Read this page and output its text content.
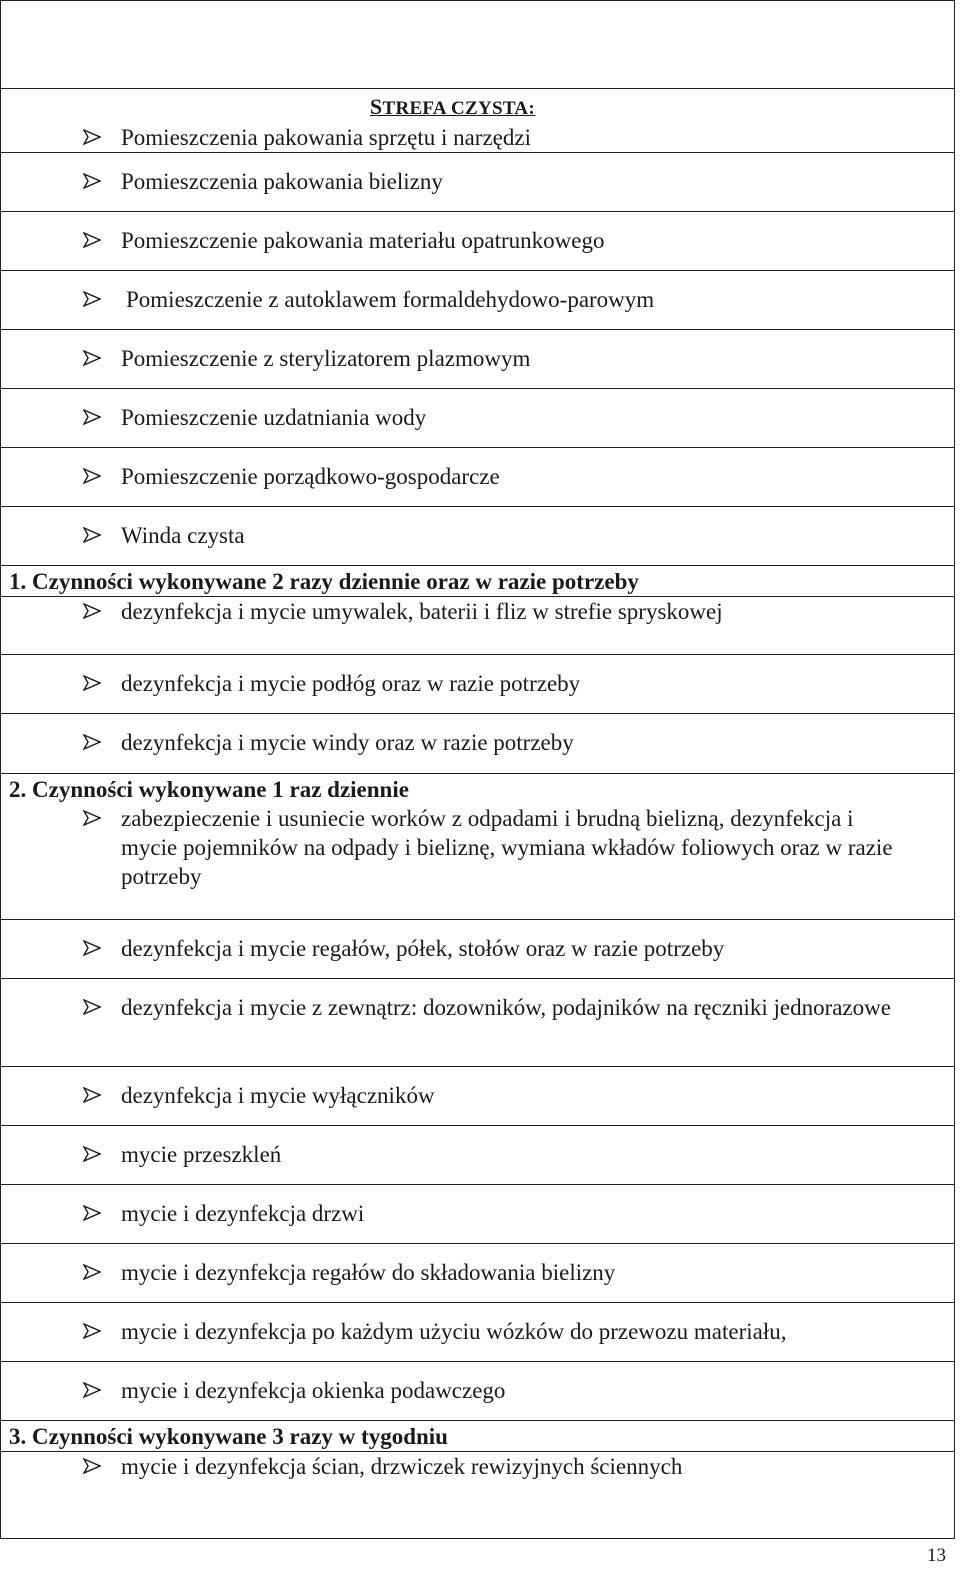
STREFA CZYSTA:
Pomieszczenia pakowania sprzętu i narzędzi

Pomieszczenia pakowania bielizny

Pomieszczenie pakowania materiału opatrunkowego

Pomieszczenie z autoklawem formaldehydowo-parowym

Pomieszczenie z sterylizatorem plazmowym

Pomieszczenie uzdatniania wody

Pomieszczenie porządkowo-gospodarcze

Winda czysta

1. Czynności wykonywane 2 razy dziennie oraz w razie potrzeby

dezynfekcja i mycie umywalek, baterii i fliz w strefie spryskowej

dezynfekcja i mycie podłóg oraz w razie potrzeby

dezynfekcja i mycie windy oraz w razie potrzeby

2. Czynności wykonywane 1 raz dziennie
zabezpieczenie i usuniecie worków z odpadami i brudną bielizną, dezynfekcja i mycie pojemników na odpady i bieliznę, wymiana wkładów foliowych oraz w razie potrzeby

dezynfekcja i mycie regałów, półek, stołów oraz w razie potrzeby

dezynfekcja i mycie z zewnątrz: dozowników, podajników na ręczniki jednorazowe

dezynfekcja i mycie wyłączników

mycie przeszkleń

mycie i dezynfekcja drzwi

mycie i dezynfekcja regałów do składowania bielizny

mycie i dezynfekcja po każdym użyciu wózków do przewozu materiału,

mycie i dezynfekcja okienka podawczego

3. Czynności wykonywane 3 razy w tygodniu

mycie i dezynfekcja ścian, drzwiczek rewizyjnych ściennych
13
